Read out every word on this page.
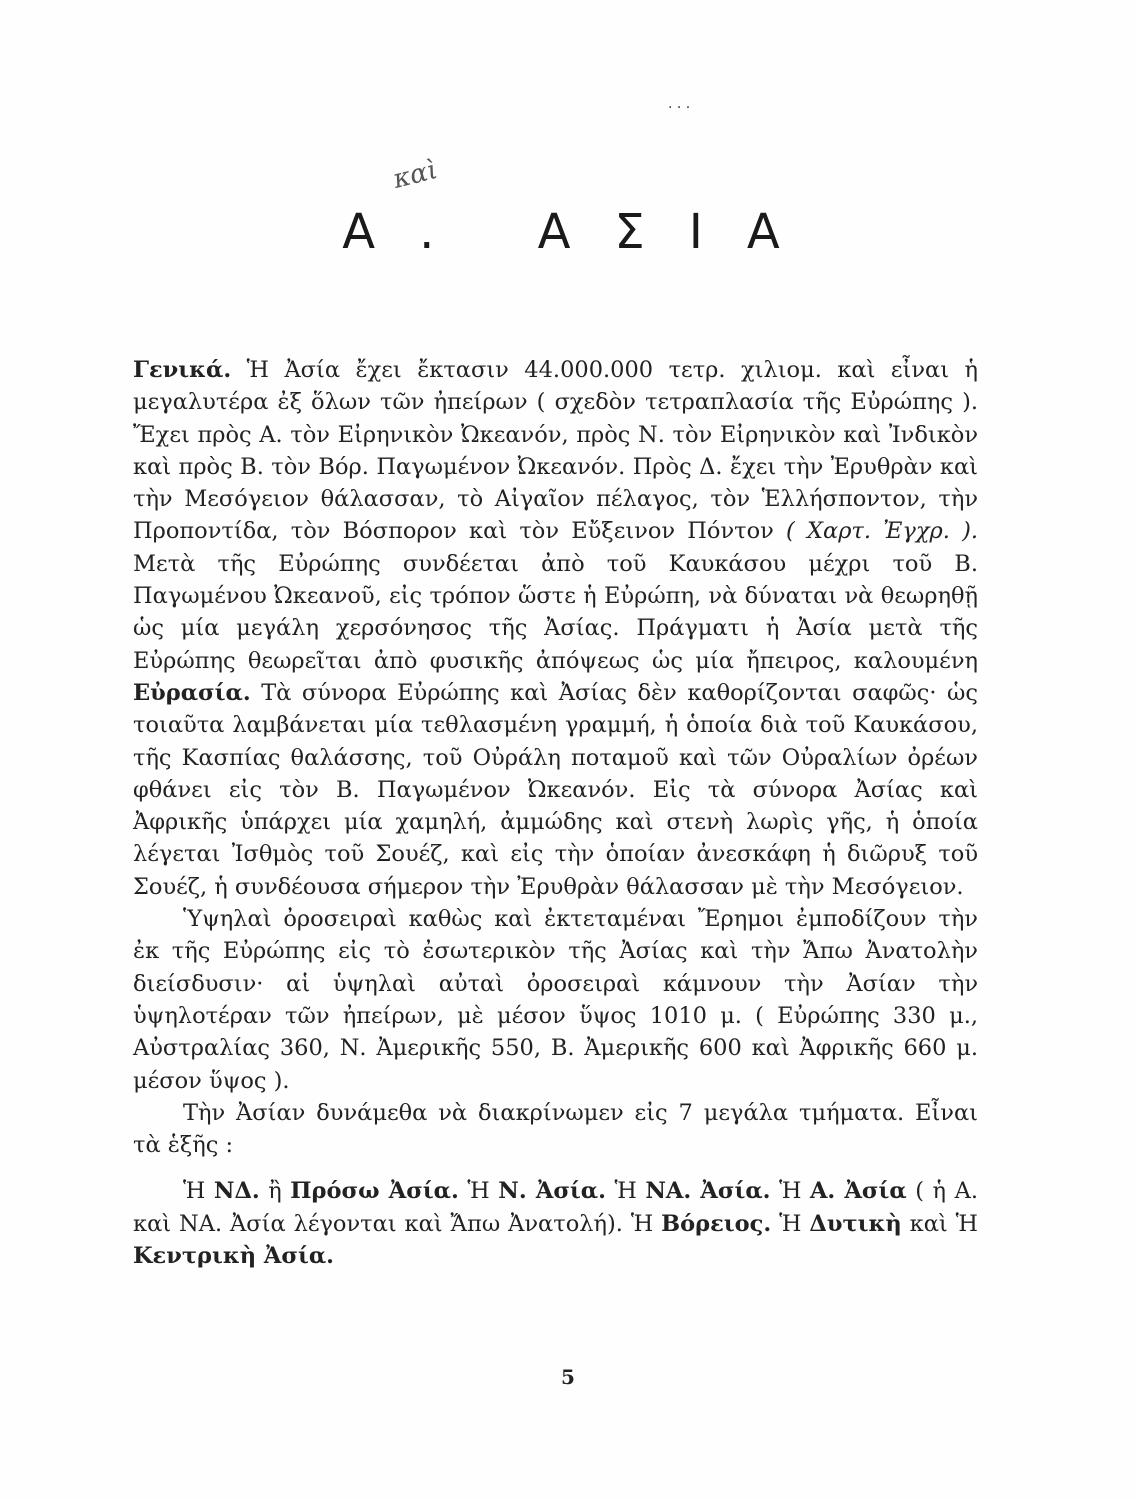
. . .
καὶ
Α. ΑΣΙΑ

Γενικά. Ἡ Ἀσία ἔχει ἔκτασιν 44.000.000 τετρ. χιλιομ. καὶ εἶναι ἡ μεγαλυτέρα ἐξ ὅλων τῶν ἠπείρων ( σχεδὸν τετραπλασία τῆς Εὐρώπης ). Ἔχει πρὸς Α. τὸν Εἰρηνικὸν Ὠκεανόν, πρὸς Ν. τὸν Εἰρηνικὸν καὶ Ἰνδικὸν καὶ πρὸς Β. τὸν Βόρ. Παγωμένον Ὠκεανόν. Πρὸς Δ. ἔχει τὴν Ἐρυθρὰν καὶ τὴν Μεσόγειον θάλασσαν, τὸ Αἰγαῖον πέλαγος, τὸν Ἑλλήσποντον, τὴν Προποντίδα, τὸν Βόσπορον καὶ τὸν Εὔξεινον Πόντον ( Χαρτ. Ἐγχρ. ). Μετὰ τῆς Εὐρώπης συνδέεται ἀπὸ τοῦ Καυκάσου μέχρι τοῦ Β. Παγωμένου Ὠκεανοῦ, εἰς τρόπον ὥστε ἡ Εὐρώπη, νὰ δύναται νὰ θεωρηθῇ ὡς μία μεγάλη χερσόνησος τῆς Ἀσίας. Πράγματι ἡ Ἀσία μετὰ τῆς Εὐρώπης θεωρεῖται ἀπὸ φυσικῆς ἀπόψεως ὡς μία ἤπειρος, καλουμένη Εὐρασία. Τὰ σύνορα Εὐρώπης καὶ Ἀσίας δὲν καθορίζονται σαφῶς· ὡς τοιαῦτα λαμβάνεται μία τεθλασμένη γραμμή, ἡ ὁποία διὰ τοῦ Καυκάσου, τῆς Κασπίας θαλάσσης, τοῦ Οὐράλη ποταμοῦ καὶ τῶν Οὐραλίων ὀρέων φθάνει εἰς τὸν Β. Παγωμένον Ὠκεανόν. Εἰς τὰ σύνορα Ἀσίας καὶ Ἀφρικῆς ὑπάρχει μία χαμηλή, ἀμμώδης καὶ στενὴ λωρὶς γῆς, ἡ ὁποία λέγεται Ἰσθμὸς τοῦ Σουέζ, καὶ εἰς τὴν ὁποίαν ἀνεσκάφη ἡ διῶρυξ τοῦ Σουέζ, ἡ συνδέουσα σήμερον τὴν Ἐρυθρὰν θάλασσαν μὲ τὴν Μεσόγειον.

Ὑψηλαὶ ὀροσειραὶ καθὼς καὶ ἐκτεταμέναι Ἔρημοι ἐμποδίζουν τὴν ἐκ τῆς Εὐρώπης εἰς τὸ ἐσωτερικὸν τῆς Ἀσίας καὶ τὴν Ἄπω Ἀνατολὴν διείσδυσιν· αἱ ὑψηλαὶ αὐταὶ ὀροσειραὶ κάμνουν τὴν Ἀσίαν τὴν ὑψηλοτέραν τῶν ἠπείρων, μὲ μέσον ὕψος 1010 μ. ( Εὐρώπης 330 μ., Αὐστραλίας 360, Ν. Ἀμερικῆς 550, Β. Ἀμερικῆς 600 καὶ Ἀφρικῆς 660 μ. μέσον ὕψος ).

Τὴν Ἀσίαν δυνάμεθα νὰ διακρίνωμεν εἰς 7 μεγάλα τμήματα. Εἶναι τὰ ἑξῆς :

Ἡ ΝΔ. ἢ Πρόσω Ἀσία. Ἡ Ν. Ἀσία. Ἡ ΝΑ. Ἀσία. Ἡ Α. Ἀσία ( ἡ Α. καὶ ΝΑ. Ἀσία λέγονται καὶ Ἄπω Ἀνατολή). Ἡ Βόρειος. Ἡ Δυτικὴ καὶ Ἡ Κεντρικὴ Ἀσία.

5
